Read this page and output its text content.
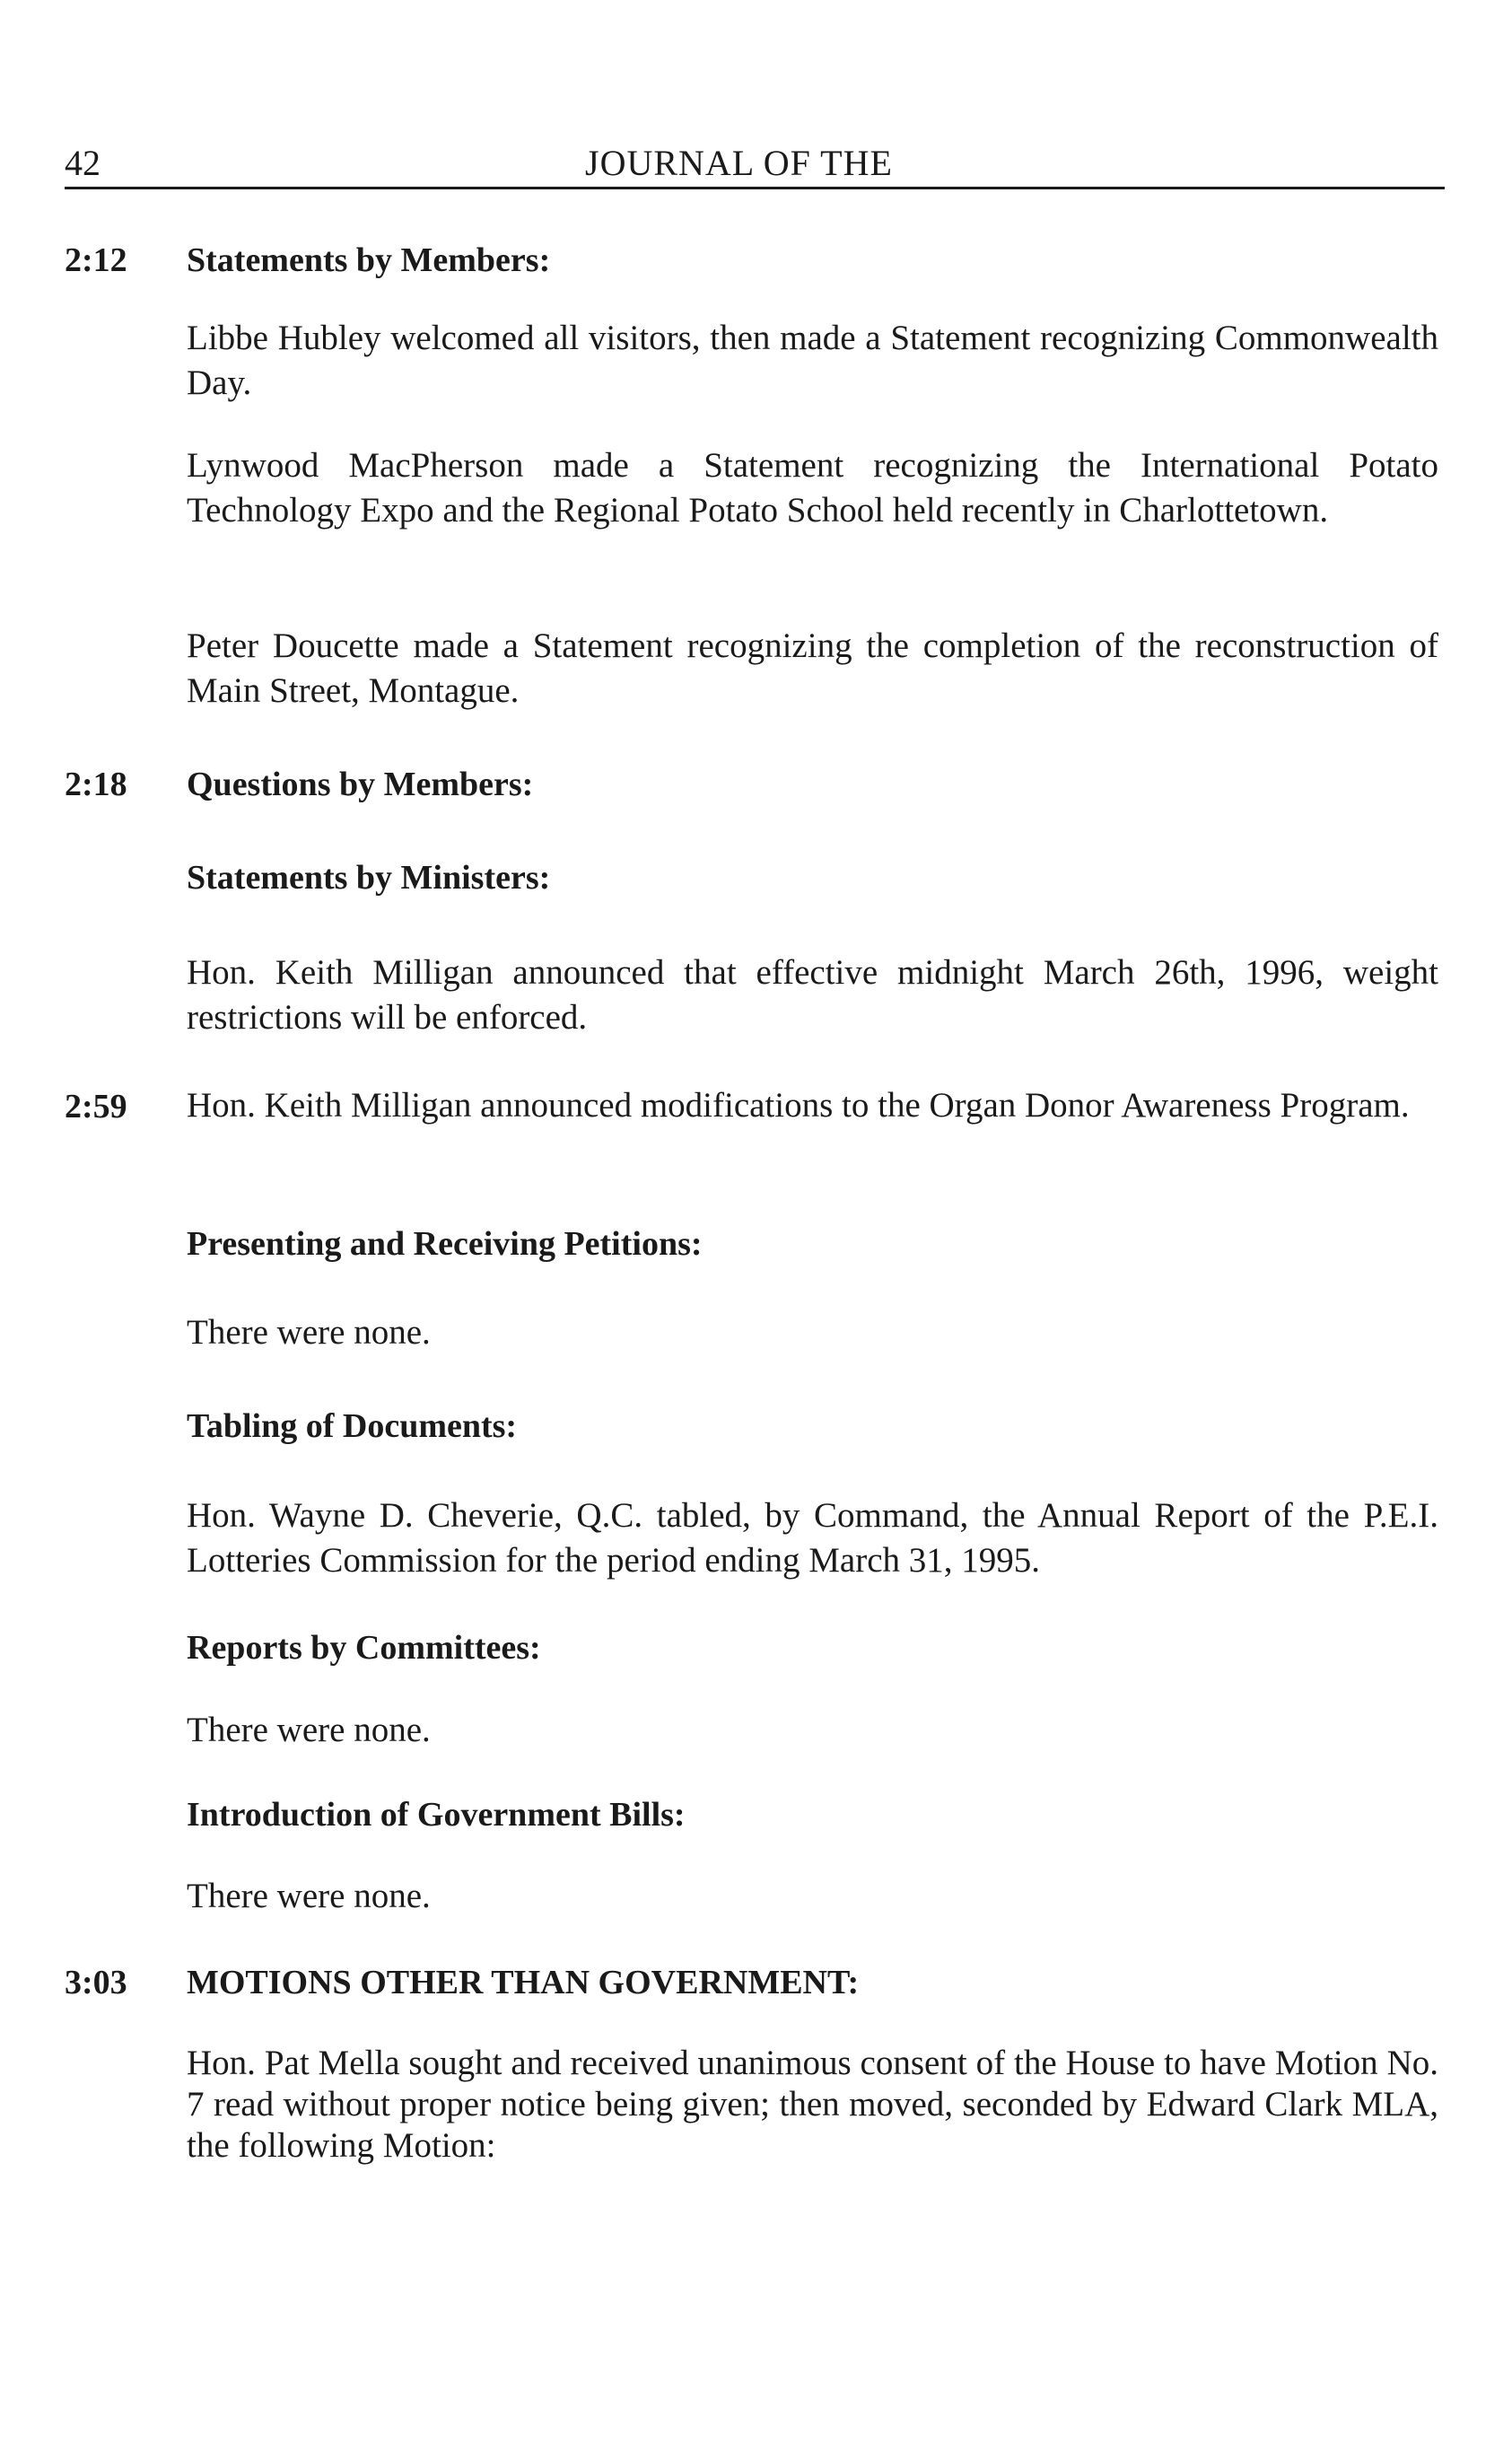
42	JOURNAL OF THE
2:12 Statements by Members:

Libbe Hubley welcomed all visitors, then made a Statement recognizing Commonwealth Day.

Lynwood MacPherson made a Statement recognizing the International Potato Technology Expo and the Regional Potato School held recently in Charlottetown.

Peter Doucette made a Statement recognizing the completion of the reconstruction of Main Street, Montague.

2:18 Questions by Members:
Statements by Ministers:

Hon. Keith Milligan announced that effective midnight March 26th, 1996, weight restrictions will be enforced.

2:59 Hon. Keith Milligan announced modifications to the Organ Donor Awareness Program.

Presenting and Receiving Petitions:

There were none.

Tabling of Documents:

Hon. Wayne D. Cheverie, Q.C. tabled, by Command, the Annual Report of the P.E.I. Lotteries Commission for the period ending March 31, 1995.

Reports by Committees:

There were none.

Introduction of Government Bills:

There were none.

3:03 MOTIONS OTHER THAN GOVERNMENT:

Hon. Pat Mella sought and received unanimous consent of the House to have Motion No. 7 read without proper notice being given; then moved, seconded by Edward Clark MLA, the following Motion:
